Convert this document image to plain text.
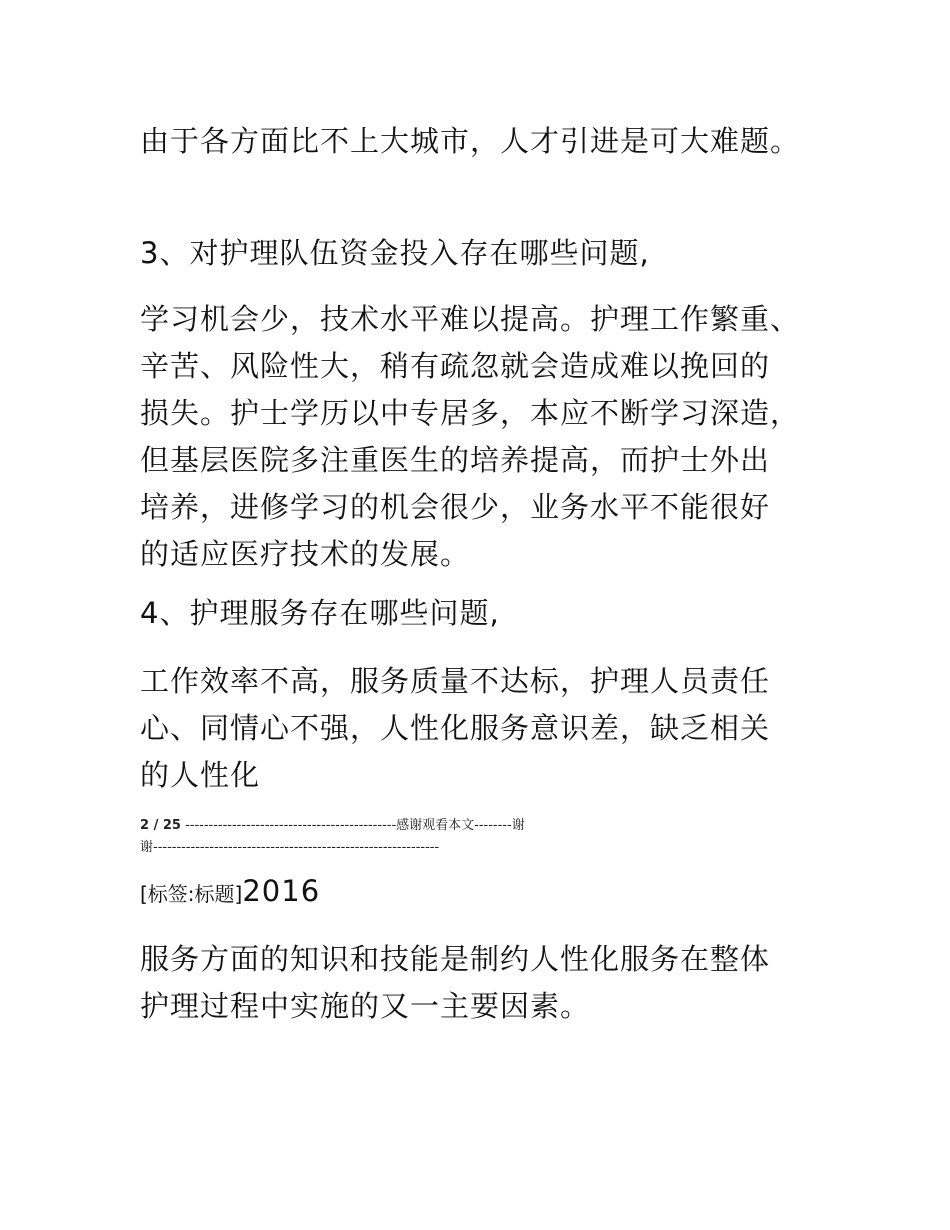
由于各方面比不上大城市，人才引进是可大难题。
3、对护理队伍资金投入存在哪些问题,
学习机会少，技术水平难以提高。护理工作繁重、
辛苦、风险性大，稍有疏忽就会造成难以挽回的
损失。护士学历以中专居多，本应不断学习深造，
但基层医院多注重医生的培养提高，而护士外出
培养，进修学习的机会很少，业务水平不能很好
的适应医疗技术的发展。
4、护理服务存在哪些问题,
工作效率不高，服务质量不达标，护理人员责任
心、同情心不强，人性化服务意识差，缺乏相关
的人性化
2 / 25 ---------------------------------------------感谢观看本文--------谢
谢-------------------------------------------------------------
[标签:标题]2016
服务方面的知识和技能是制约人性化服务在整体
护理过程中实施的又一主要因素。
